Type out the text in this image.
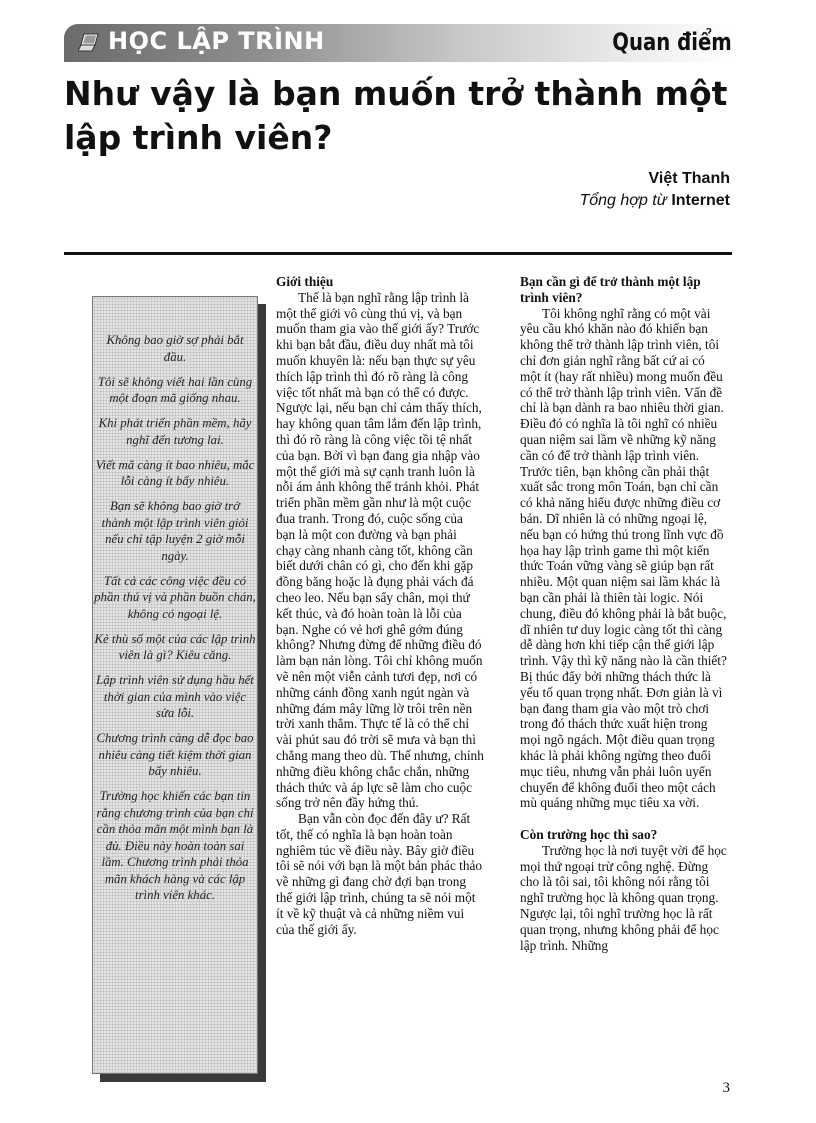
HỌC LẬP TRÌNH	Quan điểm
Như vậy là bạn muốn trở thành một lập trình viên?
Việt Thanh
Tổng hợp từ Internet

Không bao giờ sợ phải bắt đầu.

Tôi sẽ không viết hai lần cùng một đoạn mã giống nhau.

Khi phát triển phần mềm, hãy nghĩ đến tương lai.

Viết mã càng ít bao nhiêu, mắc lỗi càng ít bấy nhiêu.

Bạn sẽ không bao giờ trở thành một lập trình viên giỏi nếu chỉ tập luyện 2 giờ mỗi ngày.

Tất cả các công việc đều có phần thú vị và phần buồn chán, không có ngoại lệ.

Kẻ thù số một của các lập trình viên là gì? Kiêu căng.

Lập trình viên sử dụng hầu hết thời gian của mình vào việc sửa lỗi.

Chương trình càng dễ đọc bao nhiêu càng tiết kiệm thời gian bấy nhiêu.

Trường học khiến các bạn tin rằng chương trình của bạn chỉ cần thỏa mãn một mình bạn là đủ. Điều này hoàn toàn sai lầm. Chương trình phải thỏa mãn khách hàng và các lập trình viên khác.

Giới thiệu

Thế là bạn nghĩ rằng lập trình là một thế giới vô cùng thú vị, và bạn muốn tham gia vào thế giới ấy? Trước khi bạn bắt đầu, điều duy nhất mà tôi muốn khuyên là: nếu bạn thực sự yêu thích lập trình thì đó rõ ràng là công việc tốt nhất mà bạn có thể có được. Ngược lại, nếu bạn chỉ cảm thấy thích, hay không quan tâm lắm đến lập trình, thì đó rõ ràng là công việc tồi tệ nhất của bạn. Bởi vì bạn đang gia nhập vào một thế giới mà sự cạnh tranh luôn là nỗi ám ảnh không thể tránh khỏi. Phát triển phần mềm gần như là một cuộc đua tranh. Trong đó, cuộc sống của bạn là một con đường và bạn phải chạy càng nhanh càng tốt, không cần biết dưới chân có gì, cho đến khi gặp đồng băng hoặc là đụng phải vách đá cheo leo. Nếu bạn sẩy chân, mọi thứ kết thúc, và đó hoàn toàn là lỗi của bạn. Nghe có vẻ hơi ghê gớm đúng không? Nhưng đừng để những điều đó làm bạn nản lòng. Tôi chỉ không muốn vẽ nên một viễn cảnh tươi đẹp, nơi có những cánh đồng xanh ngút ngàn và những đám mây lững lờ trôi trên nền trời xanh thẳm. Thực tế là có thể chỉ vài phút sau đó trời sẽ mưa và bạn thì chẳng mang theo dù. Thế nhưng, chính những điều không chắc chắn, những thách thức và áp lực sẽ làm cho cuộc sống trở nên đầy hứng thú.

Bạn vẫn còn đọc đến đây ư? Rất tốt, thế có nghĩa là bạn hoàn toàn nghiêm túc về điều này. Bây giờ điều tôi sẽ nói với bạn là một bản phác thảo về những gì đang chờ đợi bạn trong thế giới lập trình, chúng ta sẽ nói một ít về kỹ thuật và cả những niềm vui của thế giới ấy.

Bạn cần gì để trở thành một lập trình viên?

Tôi không nghĩ rằng có một vài yêu cầu khó khăn nào đó khiến bạn không thể trở thành lập trình viên, tôi chỉ đơn giản nghĩ rằng bất cứ ai có một ít (hay rất nhiều) mong muốn đều có thể trở thành lập trình viên. Vấn đề chỉ là bạn dành ra bao nhiêu thời gian. Điều đó có nghĩa là tôi nghĩ có nhiều quan niệm sai lầm về những kỹ năng cần có để trở thành lập trình viên. Trước tiên, bạn không cần phải thật xuất sắc trong môn Toán, bạn chỉ cần có khả năng hiểu được những điều cơ bản. Dĩ nhiên là có những ngoại lệ, nếu bạn có hứng thú trong lĩnh vực đồ họa hay lập trình game thì một kiến thức Toán vững vàng sẽ giúp bạn rất nhiều. Một quan niệm sai lầm khác là bạn cần phải là thiên tài logic. Nói chung, điều đó không phải là bắt buộc, dĩ nhiên tư duy logic càng tốt thì càng dễ dàng hơn khi tiếp cận thế giới lập trình. Vậy thì kỹ năng nào là cần thiết? Bị thúc đẩy bởi những thách thức là yếu tố quan trọng nhất. Đơn giản là vì bạn đang tham gia vào một trò chơi trong đó thách thức xuất hiện trong mọi ngõ ngách. Một điều quan trọng khác là phải không ngừng theo đuổi mục tiêu, nhưng vẫn phải luôn uyển chuyển để không đuổi theo một cách mù quáng những mục tiêu xa vời.

Còn trường học thì sao?

Trường học là nơi tuyệt vời để học mọi thứ ngoại trừ công nghệ. Đừng cho là tôi sai, tôi không nói rằng tôi nghĩ trường học là không quan trọng. Ngược lại, tôi nghĩ trường học là rất quan trọng, nhưng không phải để học lập trình. Những

3
